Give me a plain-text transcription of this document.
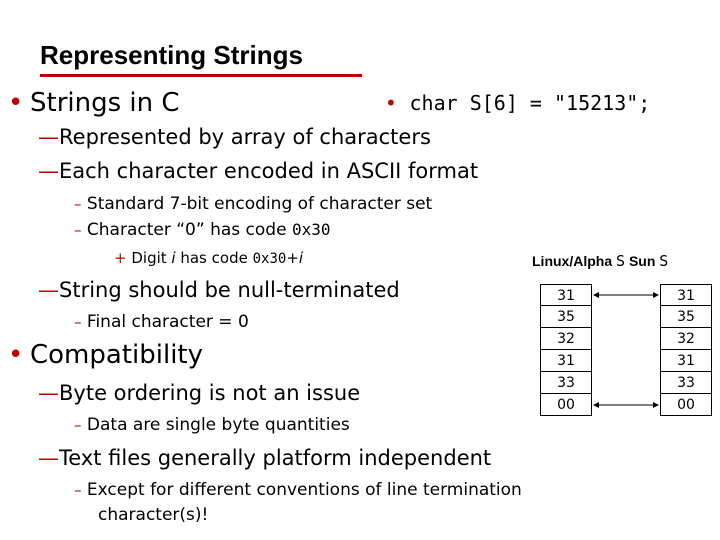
Representing Strings
• Strings in C	• char S[6] = "15213";
—Represented by array of characters
—Each character encoded in ASCII format
– Standard 7-bit encoding of character set
– Character “0” has code 0x30
+ Digit i has code 0x30+i
—String should be null-terminated
– Final character = 0
• Compatibility
—Byte ordering is not an issue
– Data are single byte quantities
—Text files generally platform independent
– Except for different conventions of line termination
character(s)!
Linux/Alpha S Sun S
31
35
32
31
33
00
31
35
32
31
33
00
